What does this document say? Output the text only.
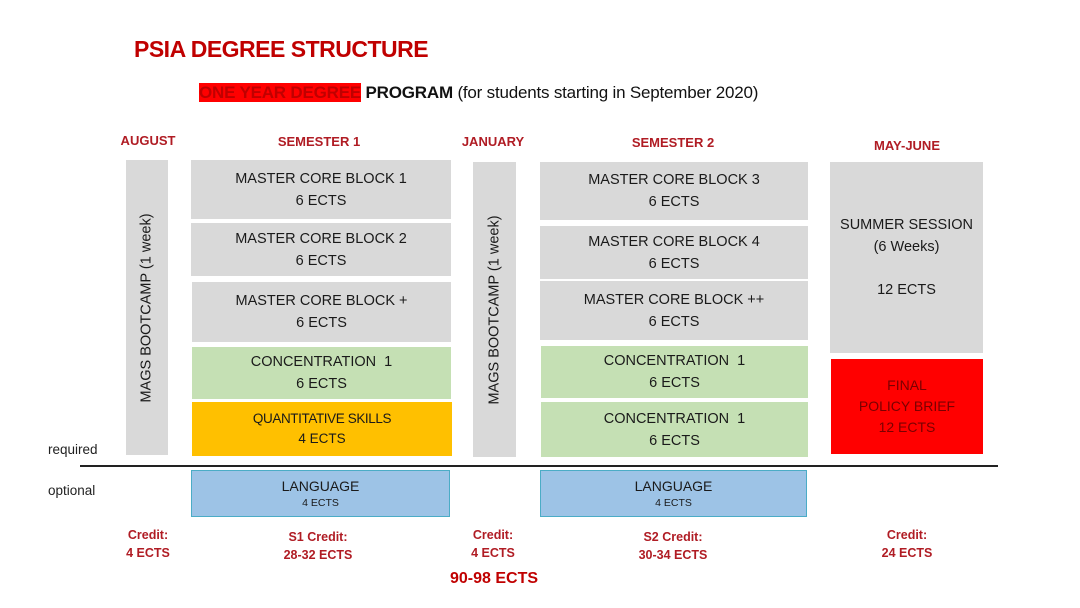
PSIA DEGREE STRUCTURE
ONE YEAR DEGREE PROGRAM (for students starting in September 2020)
AUGUST	SEMESTER 1	JANUARY	SEMESTER 2	MAY-JUNE
MAGS BOOTCAMP (1 week)
MASTER CORE BLOCK 1
6 ECTS
MASTER CORE BLOCK 2
6 ECTS
MASTER CORE BLOCK +
6 ECTS
CONCENTRATION  1
6 ECTS
QUANTITATIVE SKILLS
4 ECTS
MAGS BOOTCAMP (1 week)
MASTER CORE BLOCK 3
6 ECTS
MASTER CORE BLOCK 4
6 ECTS
MASTER CORE BLOCK ++
6 ECTS
CONCENTRATION  1
6 ECTS
CONCENTRATION  1
6 ECTS
SUMMER SESSION
(6 Weeks)
12 ECTS
FINAL
POLICY BRIEF
12 ECTS
required
optional	LANGUAGE
4 ECTS
LANGUAGE
4 ECTS
Credit:
4 ECTS
S1 Credit:
28-32 ECTS
Credit:
4 ECTS
S2 Credit:
30-34 ECTS
Credit:
24 ECTS
90-98 ECTS
